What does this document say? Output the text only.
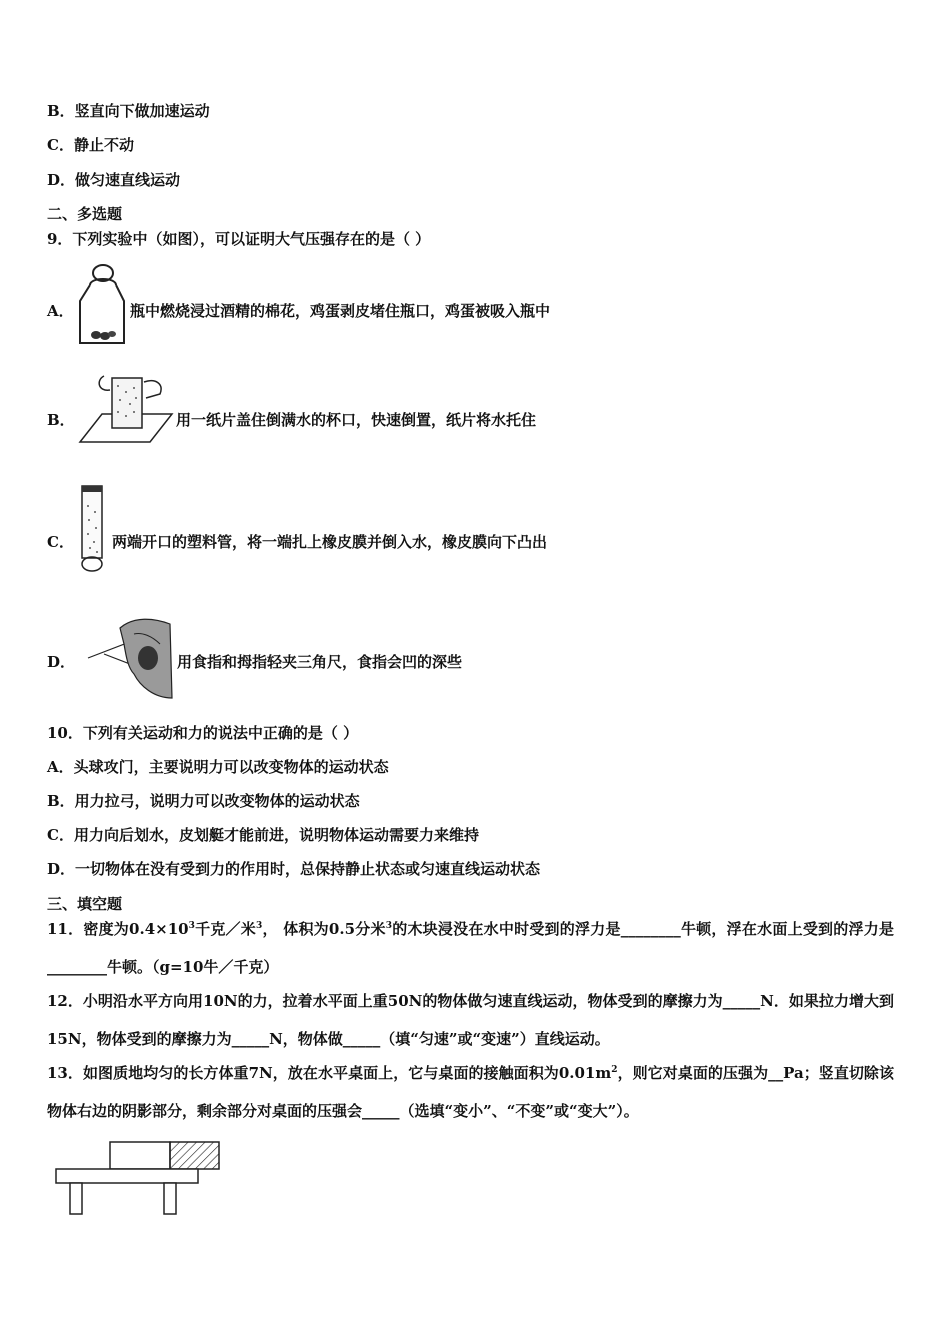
B．竖直向下做加速运动
C．静止不动
D．做匀速直线运动
二、多选题
9．下列实验中（如图），可以证明大气压强存在的是（ ）
A．	瓶中燃烧浸过酒精的棉花，鸡蛋剥皮堵住瓶口，鸡蛋被吸入瓶中
B．	用一纸片盖住倒满水的杯口，快速倒置，纸片将水托住
C．	两端开口的塑料管，将一端扎上橡皮膜并倒入水，橡皮膜向下凸出
D．	用食指和拇指轻夹三角尺，食指会凹的深些
10．下列有关运动和力的说法中正确的是（ ）
A．头球攻门，主要说明力可以改变物体的运动状态
B．用力拉弓，说明力可以改变物体的运动状态
C．用力向后划水，皮划艇才能前进，说明物体运动需要力来维持
D．一切物体在没有受到力的作用时，总保持静止状态或匀速直线运动状态
三、填空题
11．密度为$0.4\times 10^3$千克／米$^3$， 体积为0.5分米$^3$的木块浸没在水中时受到的浮力是________牛顿，浮在水面上受到的浮力是________牛顿。（g=10牛／千克）
12．小明沿水平方向用10N的力，拉着水平面上重50N的物体做匀速直线运动，物体受到的摩擦力为_____N．如果拉力增大到15N，物体受到的摩擦力为_____N，物体做_____（填“匀速”或“变速”）直线运动。
13．如图质地均匀的长方体重7N，放在水平桌面上，它与桌面的接触面积为$0.01m^2$，则它对桌面的压强为__Pa；竖直切除该物体右边的阴影部分，剩余部分对桌面的压强会_____（选填“变小”、“不变”或“变大”）。
